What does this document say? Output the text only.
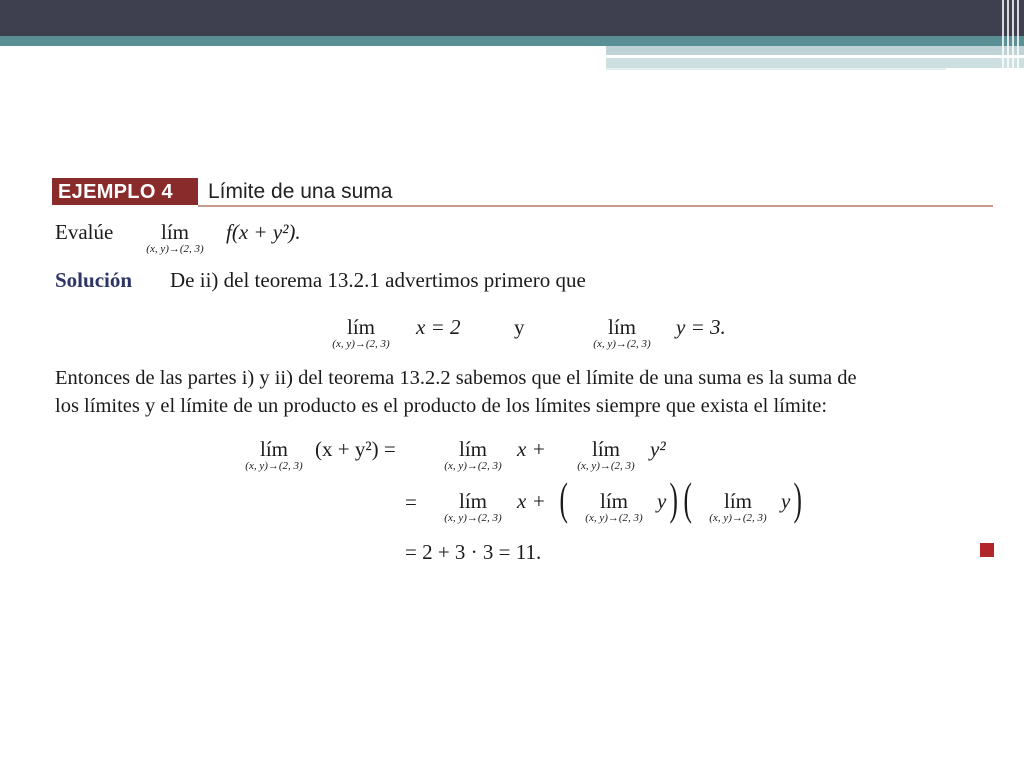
EJEMPLO 4	Límite de una suma
Evalúe	lím
(x, y)→(2, 3)
f(x + y²).
Solución De ii) del teorema 13.2.1 advertimos primero que
lím
(x, y)→(2, 3)
x = 2	y	lím
(x, y)→(2, 3)
y = 3.
Entonces de las partes i) y ii) del teorema 13.2.2 sabemos que el límite de una suma es la suma de
los límites y el límite de un producto es el producto de los límites siempre que exista el límite:
lím
(x, y)→(2, 3)
(x + y²) =	lím
(x, y)→(2, 3)
x +	lím
(x, y)→(2, 3)
y²
=	lím
(x, y)→(2, 3)
x + (	lím
(x, y)→(2, 3)
y ) (	lím
(x, y)→(2, 3)
y )
= 2 + 3 · 3 = 11.
